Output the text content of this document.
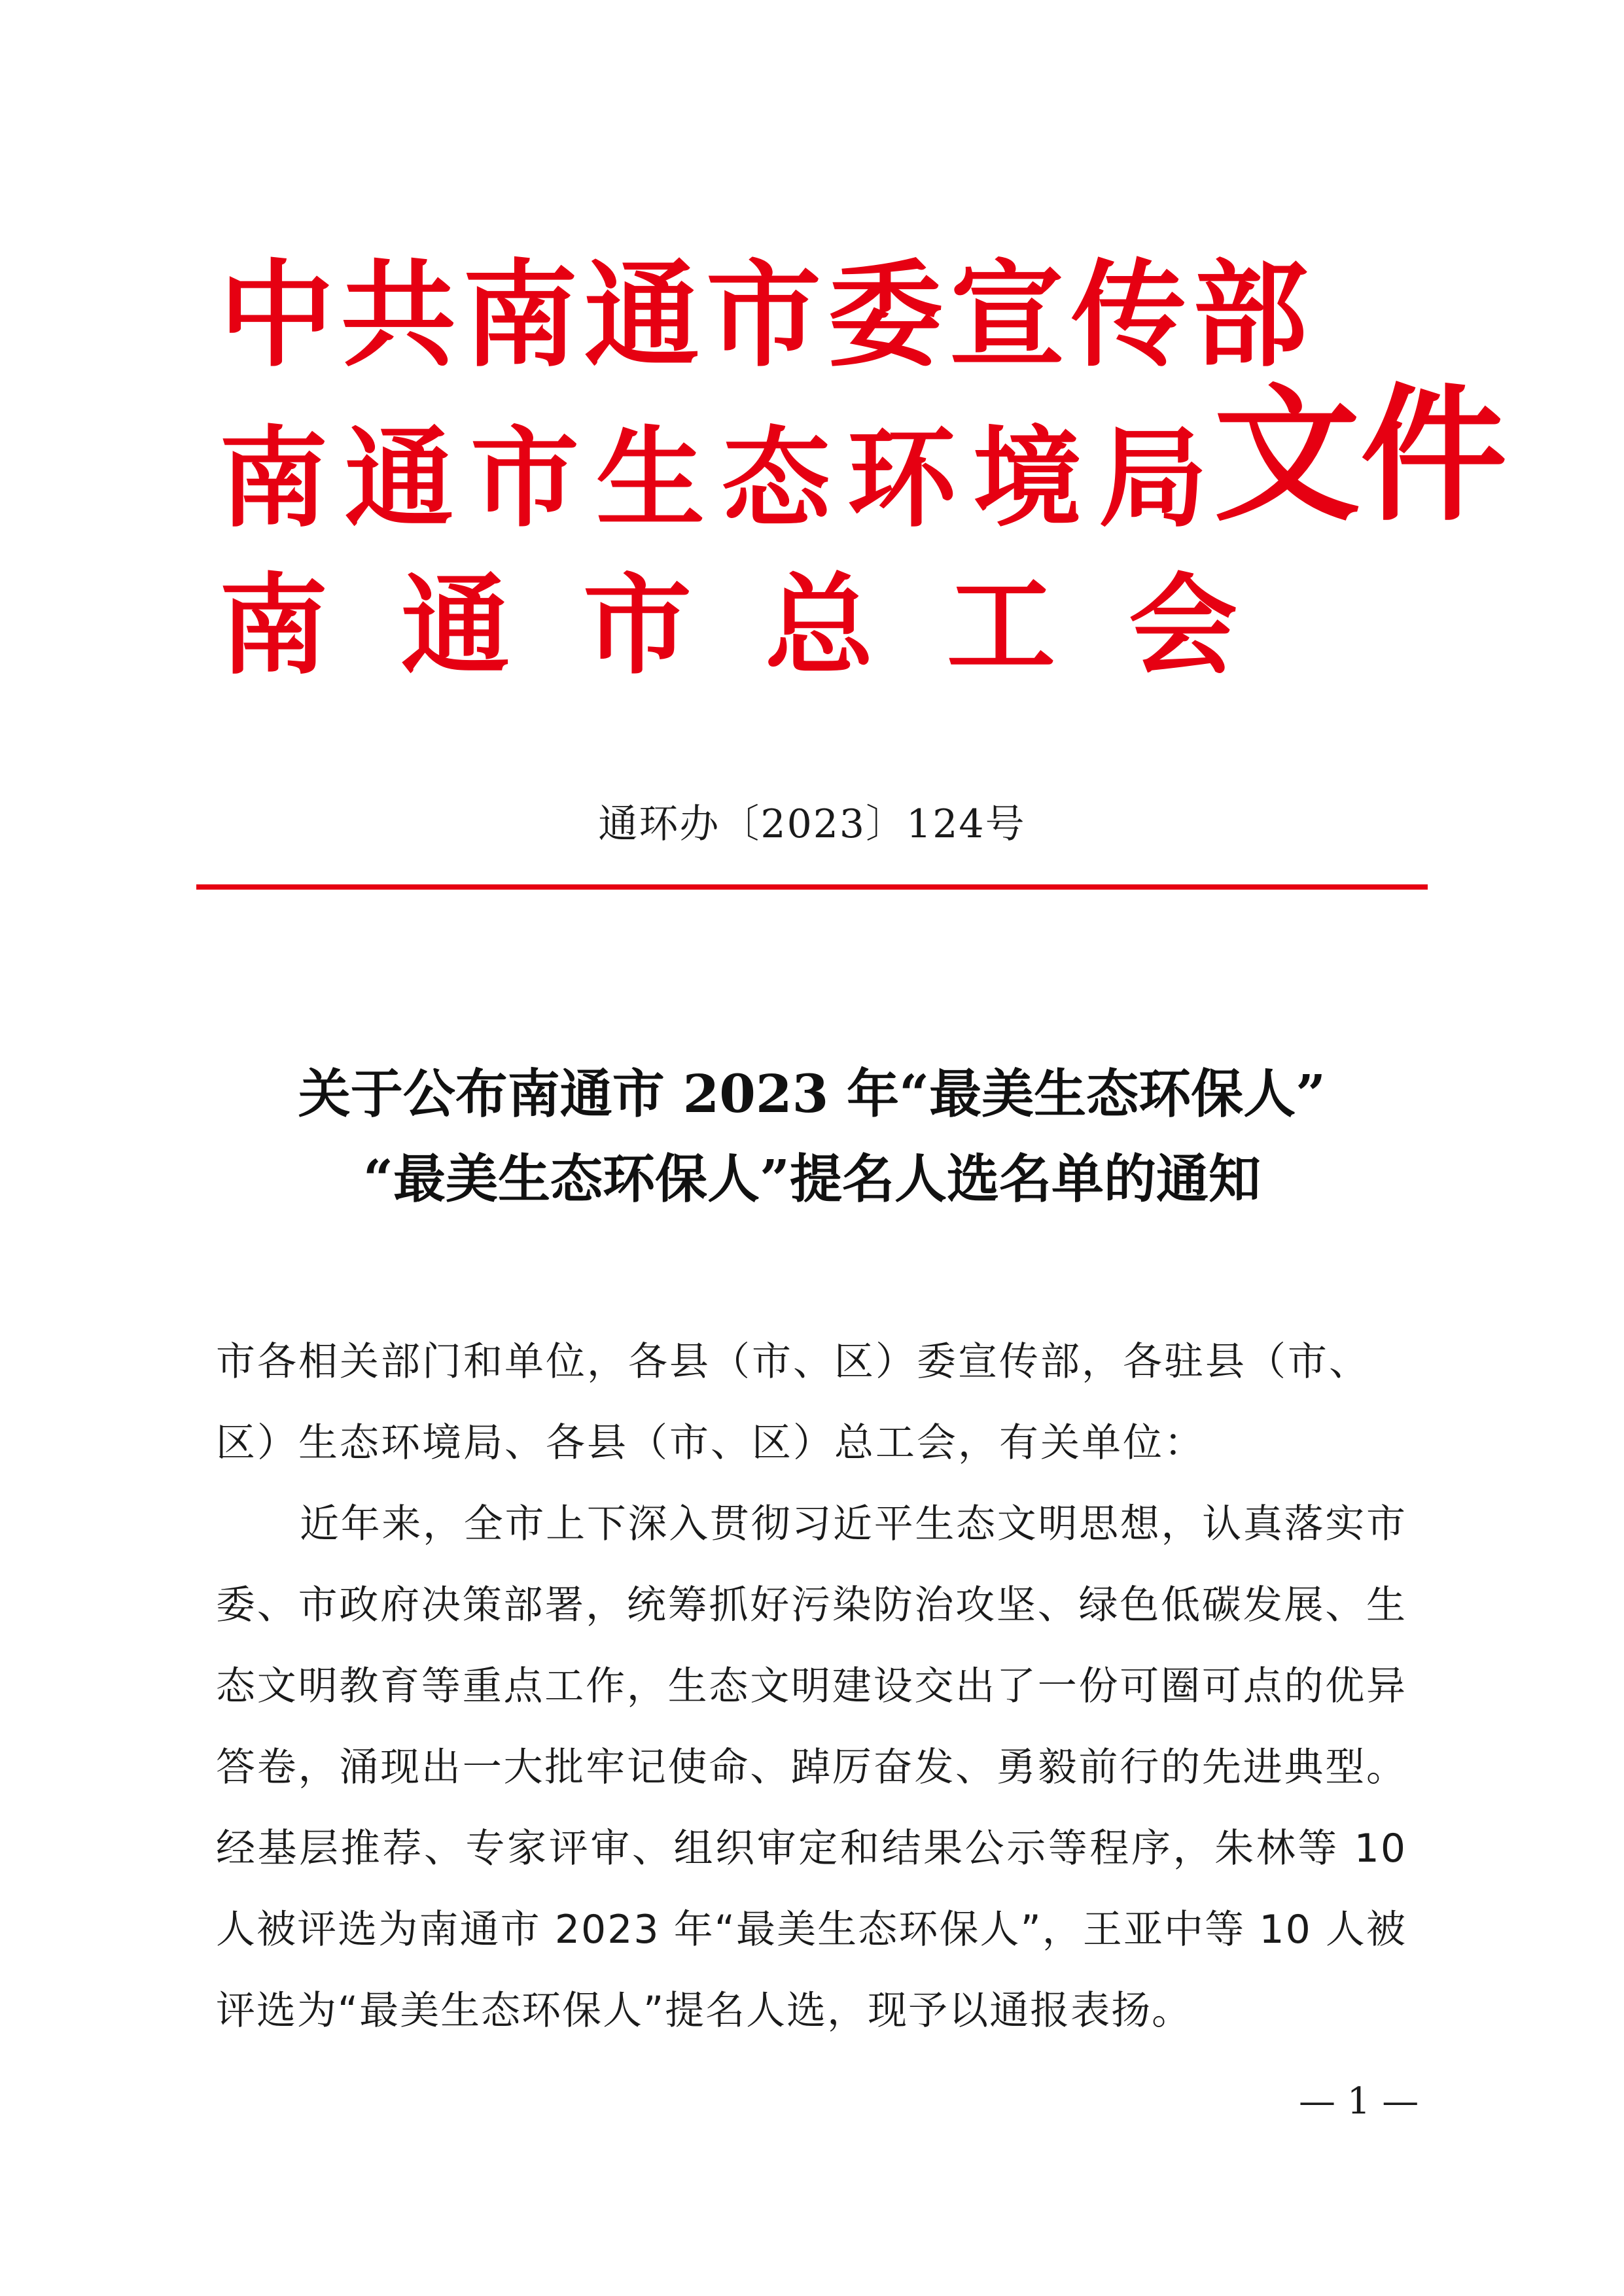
中共南通市委宣传部
南通市生态环境局
南通市总工会
文件
通环办〔2023〕124号
关于公布南通市 2023 年“最美生态环保人”
“最美生态环保人”提名人选名单的通知

市各相关部门和单位，各县（市、区）委宣传部，各驻县（市、区）生态环境局、各县（市、区）总工会，有关单位：

近年来，全市上下深入贯彻习近平生态文明思想，认真落实市委、市政府决策部署，统筹抓好污染防治攻坚、绿色低碳发展、生态文明教育等重点工作，生态文明建设交出了一份可圈可点的优异答卷，涌现出一大批牢记使命、踔厉奋发、勇毅前行的先进典型。经基层推荐、专家评审、组织审定和结果公示等程序，朱林等 10 人被评选为南通市 2023 年“最美生态环保人”，王亚中等 10 人被评选为“最美生态环保人”提名人选，现予以通报表扬。

— 1 —
